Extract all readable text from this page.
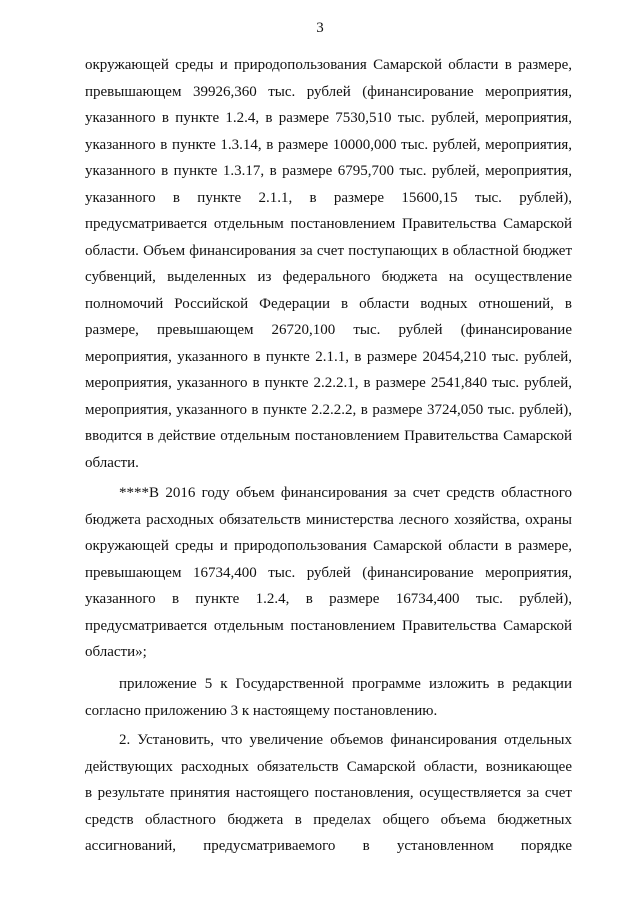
3
окружающей среды и природопользования Самарской области в размере,
превышающем 39926,360 тыс. рублей (финансирование мероприятия,
указанного в пункте 1.2.4, в размере 7530,510 тыс. рублей, мероприятия,
указанного в пункте 1.3.14, в размере 10000,000 тыс. рублей, мероприятия,
указанного в пункте 1.3.17, в размере 6795,700 тыс. рублей, мероприятия,
указанного в пункте 2.1.1, в размере 15600,15 тыс. рублей),
предусматривается отдельным постановлением Правительства Самарской
области. Объем финансирования за счет поступающих в областной бюджет
субвенций, выделенных из федерального бюджета на осуществление
полномочий Российской Федерации в области водных отношений, в
размере, превышающем 26720,100 тыс. рублей (финансирование
мероприятия, указанного в пункте 2.1.1, в размере 20454,210 тыс. рублей,
мероприятия, указанного в пункте 2.2.2.1, в размере 2541,840 тыс. рублей,
мероприятия, указанного в пункте 2.2.2.2, в размере 3724,050 тыс. рублей),
вводится в действие отдельным постановлением Правительства Самарской
области.
****В 2016 году объем финансирования за счет средств областного
бюджета расходных обязательств министерства лесного хозяйства, охраны
окружающей среды и природопользования Самарской области в размере,
превышающем 16734,400 тыс. рублей (финансирование мероприятия,
указанного в пункте 1.2.4, в размере 16734,400 тыс. рублей),
предусматривается отдельным постановлением Правительства Самарской
области»;
приложение 5 к Государственной программе изложить в редакции
согласно приложению 3 к настоящему постановлению.
2. Установить, что увеличение объемов финансирования отдельных
действующих расходных обязательств Самарской области, возникающее
в результате принятия настоящего постановления, осуществляется за счет
средств областного бюджета в пределах общего объема бюджетных
ассигнований, предусматриваемого в установленном порядке
